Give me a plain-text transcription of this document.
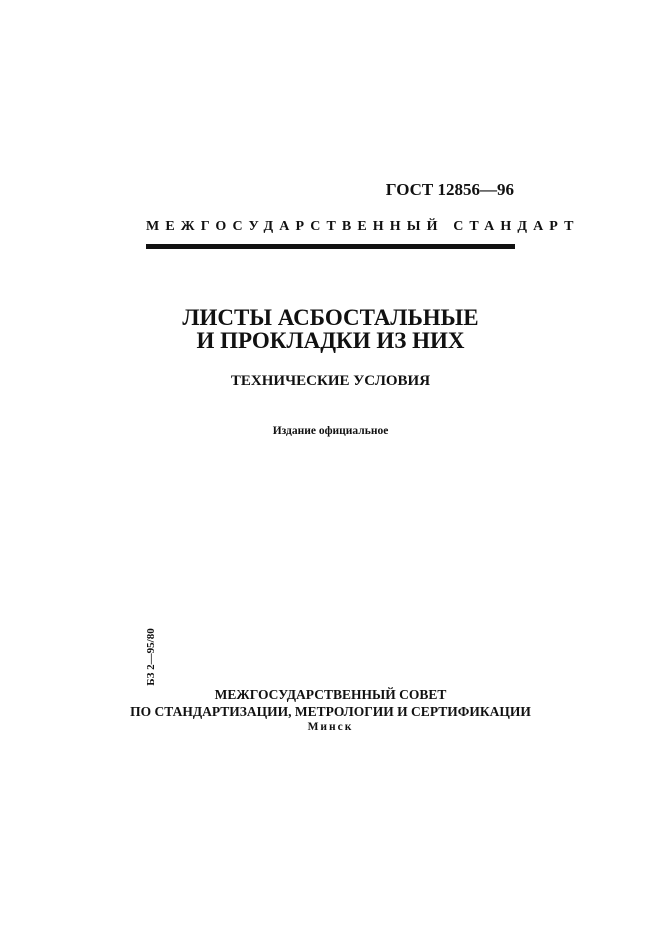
ГОСТ 12856—96
МЕЖГОСУДАРСТВЕННЫЙ СТАНДАРТ
ЛИСТЫ АСБОСТАЛЬНЫЕ
И ПРОКЛАДКИ ИЗ НИХ
ТЕХНИЧЕСКИЕ УСЛОВИЯ
Издание официальное
БЗ 2—95/80
МЕЖГОСУДАРСТВЕННЫЙ СОВЕТ
ПО СТАНДАРТИЗАЦИИ, МЕТРОЛОГИИ И СЕРТИФИКАЦИИ
Минск
